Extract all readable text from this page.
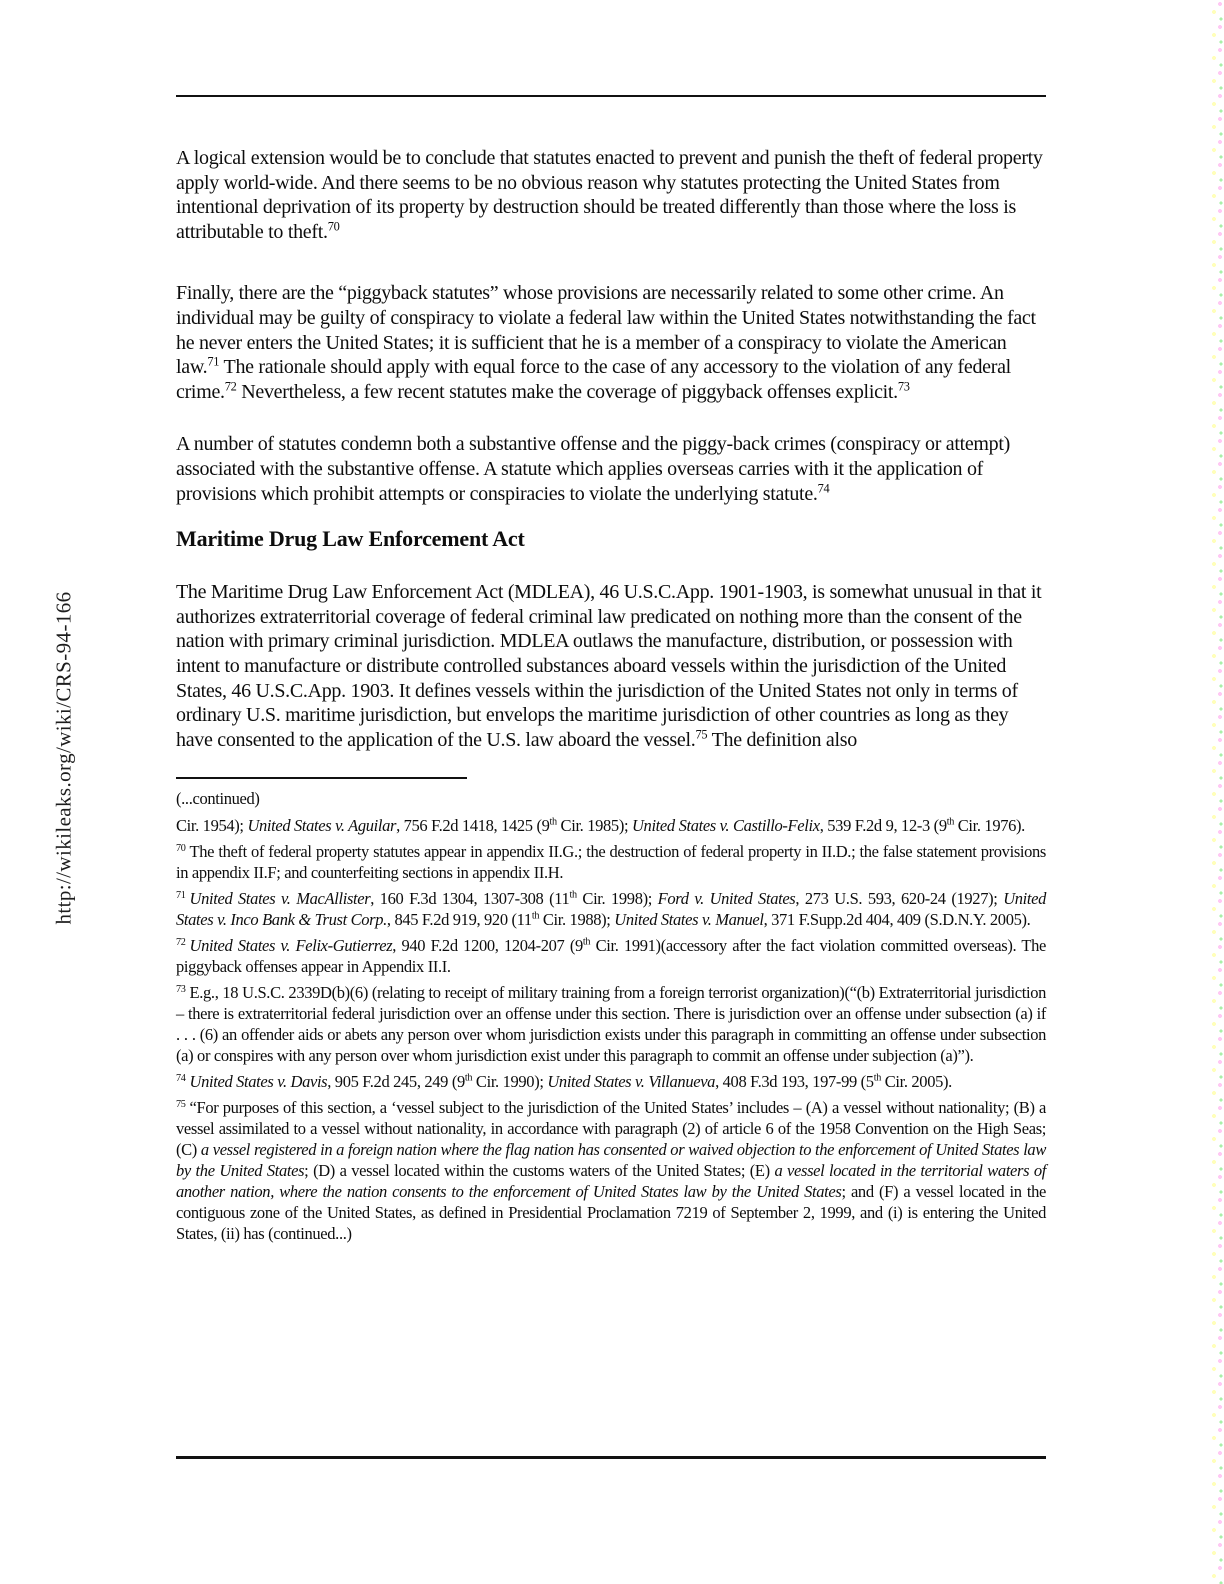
http://wikileaks.org/wiki/CRS-94-166

A logical extension would be to conclude that statutes enacted to prevent and punish the theft of federal property apply world-wide. And there seems to be no obvious reason why statutes protecting the United States from intentional deprivation of its property by destruction should be treated differently than those where the loss is attributable to theft.$^{70}$

Finally, there are the “piggyback statutes” whose provisions are necessarily related to some other crime. An individual may be guilty of conspiracy to violate a federal law within the United States notwithstanding the fact he never enters the United States; it is sufficient that he is a member of a conspiracy to violate the American law.$^{71}$ The rationale should apply with equal force to the case of any accessory to the violation of any federal crime.$^{72}$ Nevertheless, a few recent statutes make the coverage of piggyback offenses explicit.$^{73}$

A number of statutes condemn both a substantive offense and the piggy-back crimes (conspiracy or attempt) associated with the substantive offense. A statute which applies overseas carries with it the application of provisions which prohibit attempts or conspiracies to violate the underlying statute.$^{74}$

Maritime Drug Law Enforcement Act

The Maritime Drug Law Enforcement Act (MDLEA), 46 U.S.C.App. 1901-1903, is somewhat unusual in that it authorizes extraterritorial coverage of federal criminal law predicated on nothing more than the consent of the nation with primary criminal jurisdiction. MDLEA outlaws the manufacture, distribution, or possession with intent to manufacture or distribute controlled substances aboard vessels within the jurisdiction of the United States, 46 U.S.C.App. 1903. It defines vessels within the jurisdiction of the United States not only in terms of ordinary U.S. maritime jurisdiction, but envelops the maritime jurisdiction of other countries as long as they have consented to the application of the U.S. law aboard the vessel.$^{75}$ The definition also

(...continued)
Cir. 1954); United States v. Aguilar, 756 F.2d 1418, 1425 (9th Cir. 1985); United States v. Castillo-Felix, 539 F.2d 9, 12-3 (9th Cir. 1976).
$^{70}$ The theft of federal property statutes appear in appendix II.G.; the destruction of federal property in II.D.; the false statement provisions in appendix II.F; and counterfeiting sections in appendix II.H.
$^{71}$ United States v. MacAllister, 160 F.3d 1304, 1307-308 (11th Cir. 1998); Ford v. United States, 273 U.S. 593, 620-24 (1927); United States v. Inco Bank & Trust Corp., 845 F.2d 919, 920 (11th Cir. 1988); United States v. Manuel, 371 F.Supp.2d 404, 409 (S.D.N.Y. 2005).
$^{72}$ United States v. Felix-Gutierrez, 940 F.2d 1200, 1204-207 (9th Cir. 1991)(accessory after the fact violation committed overseas). The piggyback offenses appear in Appendix II.I.
$^{73}$ E.g., 18 U.S.C. 2339D(b)(6) (relating to receipt of military training from a foreign terrorist organization)(“(b) Extraterritorial jurisdiction – there is extraterritorial federal jurisdiction over an offense under this section. There is jurisdiction over an offense under subsection (a) if . . . (6) an offender aids or abets any person over whom jurisdiction exists under this paragraph in committing an offense under subsection (a) or conspires with any person over whom jurisdiction exist under this paragraph to commit an offense under subjection (a)”).
$^{74}$ United States v. Davis, 905 F.2d 245, 249 (9th Cir. 1990); United States v. Villanueva, 408 F.3d 193, 197-99 (5th Cir. 2005).
$^{75}$ “For purposes of this section, a ‘vessel subject to the jurisdiction of the United States’ includes – (A) a vessel without nationality; (B) a vessel assimilated to a vessel without nationality, in accordance with paragraph (2) of article 6 of the 1958 Convention on the High Seas; (C) a vessel registered in a foreign nation where the flag nation has consented or waived objection to the enforcement of United States law by the United States; (D) a vessel located within the customs waters of the United States; (E) a vessel located in the territorial waters of another nation, where the nation consents to the enforcement of United States law by the United States; and (F) a vessel located in the contiguous zone of the United States, as defined in Presidential Proclamation 7219 of September 2, 1999, and (i) is entering the United States, (ii) has (continued...)
